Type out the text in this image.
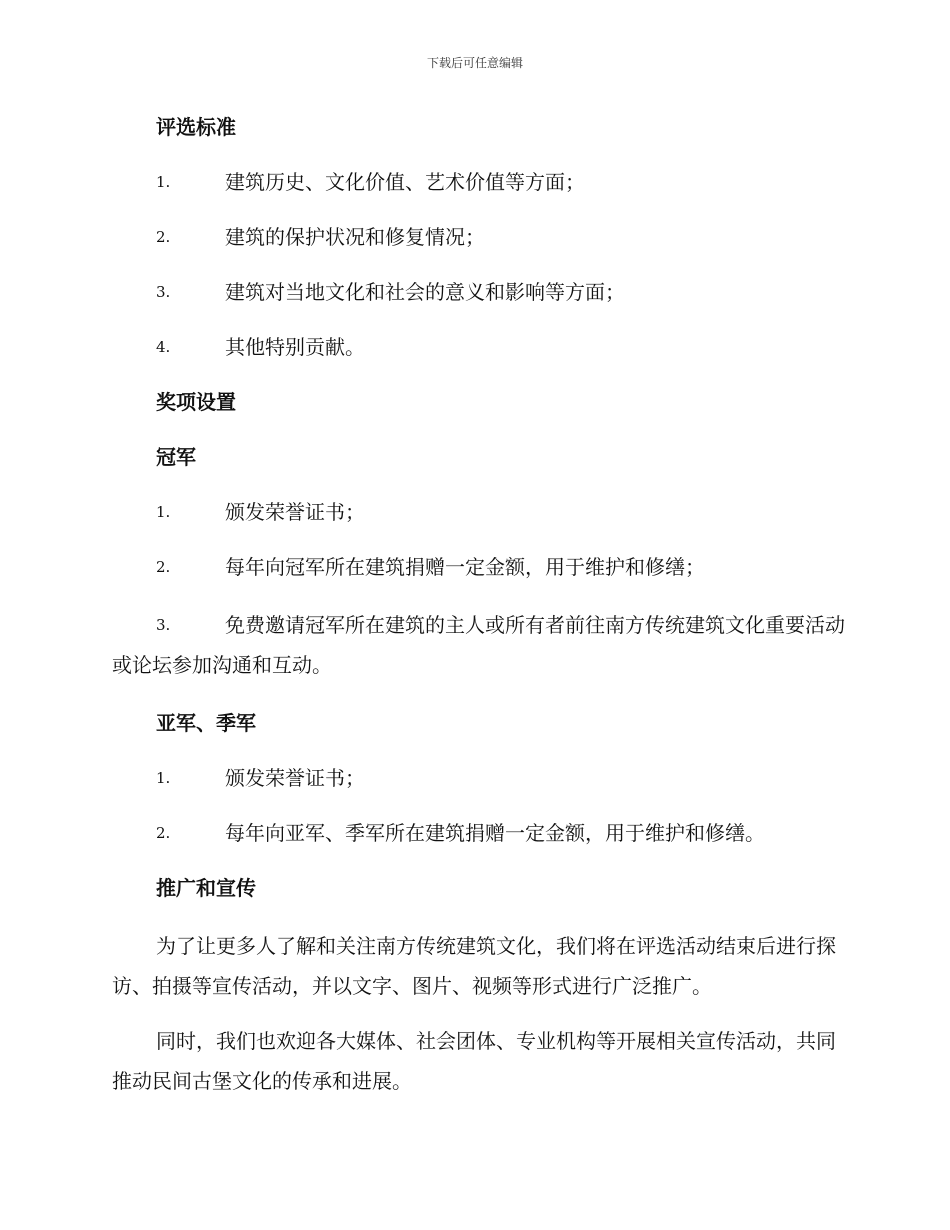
下载后可任意编辑
评选标准
1.	建筑历史、文化价值、艺术价值等方面；
2.	建筑的保护状况和修复情况；
3.	建筑对当地文化和社会的意义和影响等方面；
4.	其他特别贡献。
奖项设置
冠军
1.	颁发荣誉证书；
2.	每年向冠军所在建筑捐赠一定金额，用于维护和修缮；
3.	免费邀请冠军所在建筑的主人或所有者前往南方传统建筑文化重要活动或论坛参加沟通和互动。
亚军、季军
1.	颁发荣誉证书；
2.	每年向亚军、季军所在建筑捐赠一定金额，用于维护和修缮。
推广和宣传
为了让更多人了解和关注南方传统建筑文化，我们将在评选活动结束后进行探访、拍摄等宣传活动，并以文字、图片、视频等形式进行广泛推广。
同时，我们也欢迎各大媒体、社会团体、专业机构等开展相关宣传活动，共同推动民间古堡文化的传承和进展。
